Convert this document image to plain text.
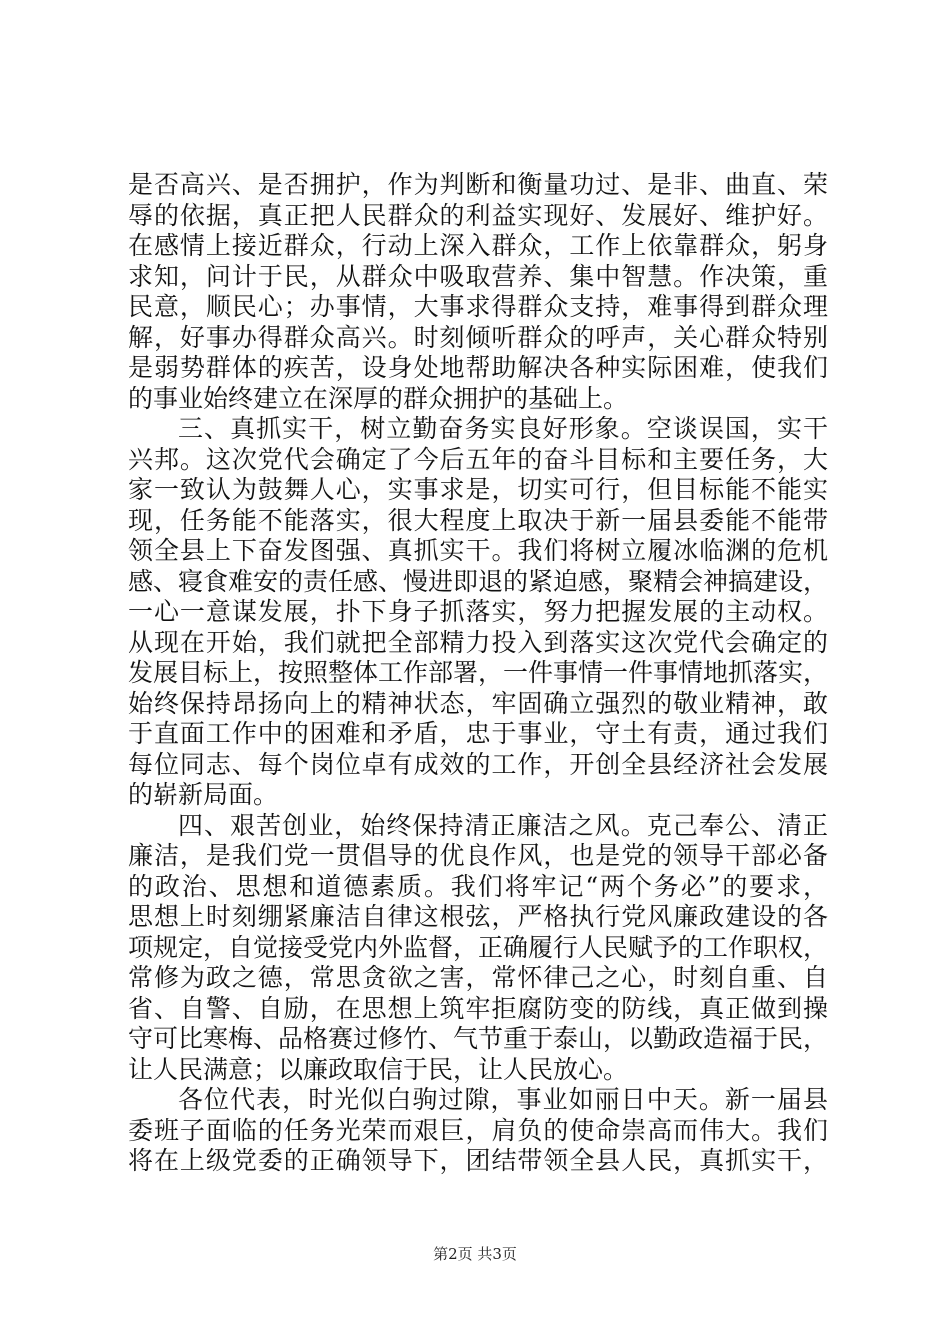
是否高兴、是否拥护，作为判断和衡量功过、是非、曲直、荣
辱的依据，真正把人民群众的利益实现好、发展好、维护好。
在感情上接近群众，行动上深入群众，工作上依靠群众，躬身
求知，问计于民，从群众中吸取营养、集中智慧。作决策，重
民意，顺民心；办事情，大事求得群众支持，难事得到群众理
解，好事办得群众高兴。时刻倾听群众的呼声，关心群众特别
是弱势群体的疾苦，设身处地帮助解决各种实际困难，使我们
的事业始终建立在深厚的群众拥护的基础上。
三、真抓实干，树立勤奋务实良好形象。空谈误国，实干
兴邦。这次党代会确定了今后五年的奋斗目标和主要任务，大
家一致认为鼓舞人心，实事求是，切实可行，但目标能不能实
现，任务能不能落实，很大程度上取决于新一届县委能不能带
领全县上下奋发图强、真抓实干。我们将树立履冰临渊的危机
感、寝食难安的责任感、慢进即退的紧迫感，聚精会神搞建设，
一心一意谋发展，扑下身子抓落实，努力把握发展的主动权。
从现在开始，我们就把全部精力投入到落实这次党代会确定的
发展目标上，按照整体工作部署，一件事情一件事情地抓落实，
始终保持昂扬向上的精神状态，牢固确立强烈的敬业精神，敢
于直面工作中的困难和矛盾，忠于事业，守土有责，通过我们
每位同志、每个岗位卓有成效的工作，开创全县经济社会发展
的崭新局面。
四、艰苦创业，始终保持清正廉洁之风。克己奉公、清正
廉洁，是我们党一贯倡导的优良作风，也是党的领导干部必备
的政治、思想和道德素质。我们将牢记“两个务必”的要求，
思想上时刻绷紧廉洁自律这根弦，严格执行党风廉政建设的各
项规定，自觉接受党内外监督，正确履行人民赋予的工作职权，
常修为政之德，常思贪欲之害，常怀律己之心，时刻自重、自
省、自警、自励，在思想上筑牢拒腐防变的防线，真正做到操
守可比寒梅、品格赛过修竹、气节重于泰山，以勤政造福于民，
让人民满意；以廉政取信于民，让人民放心。
各位代表，时光似白驹过隙，事业如丽日中天。新一届县
委班子面临的任务光荣而艰巨，肩负的使命崇高而伟大。我们
将在上级党委的正确领导下，团结带领全县人民，真抓实干，
第2页 共3页
